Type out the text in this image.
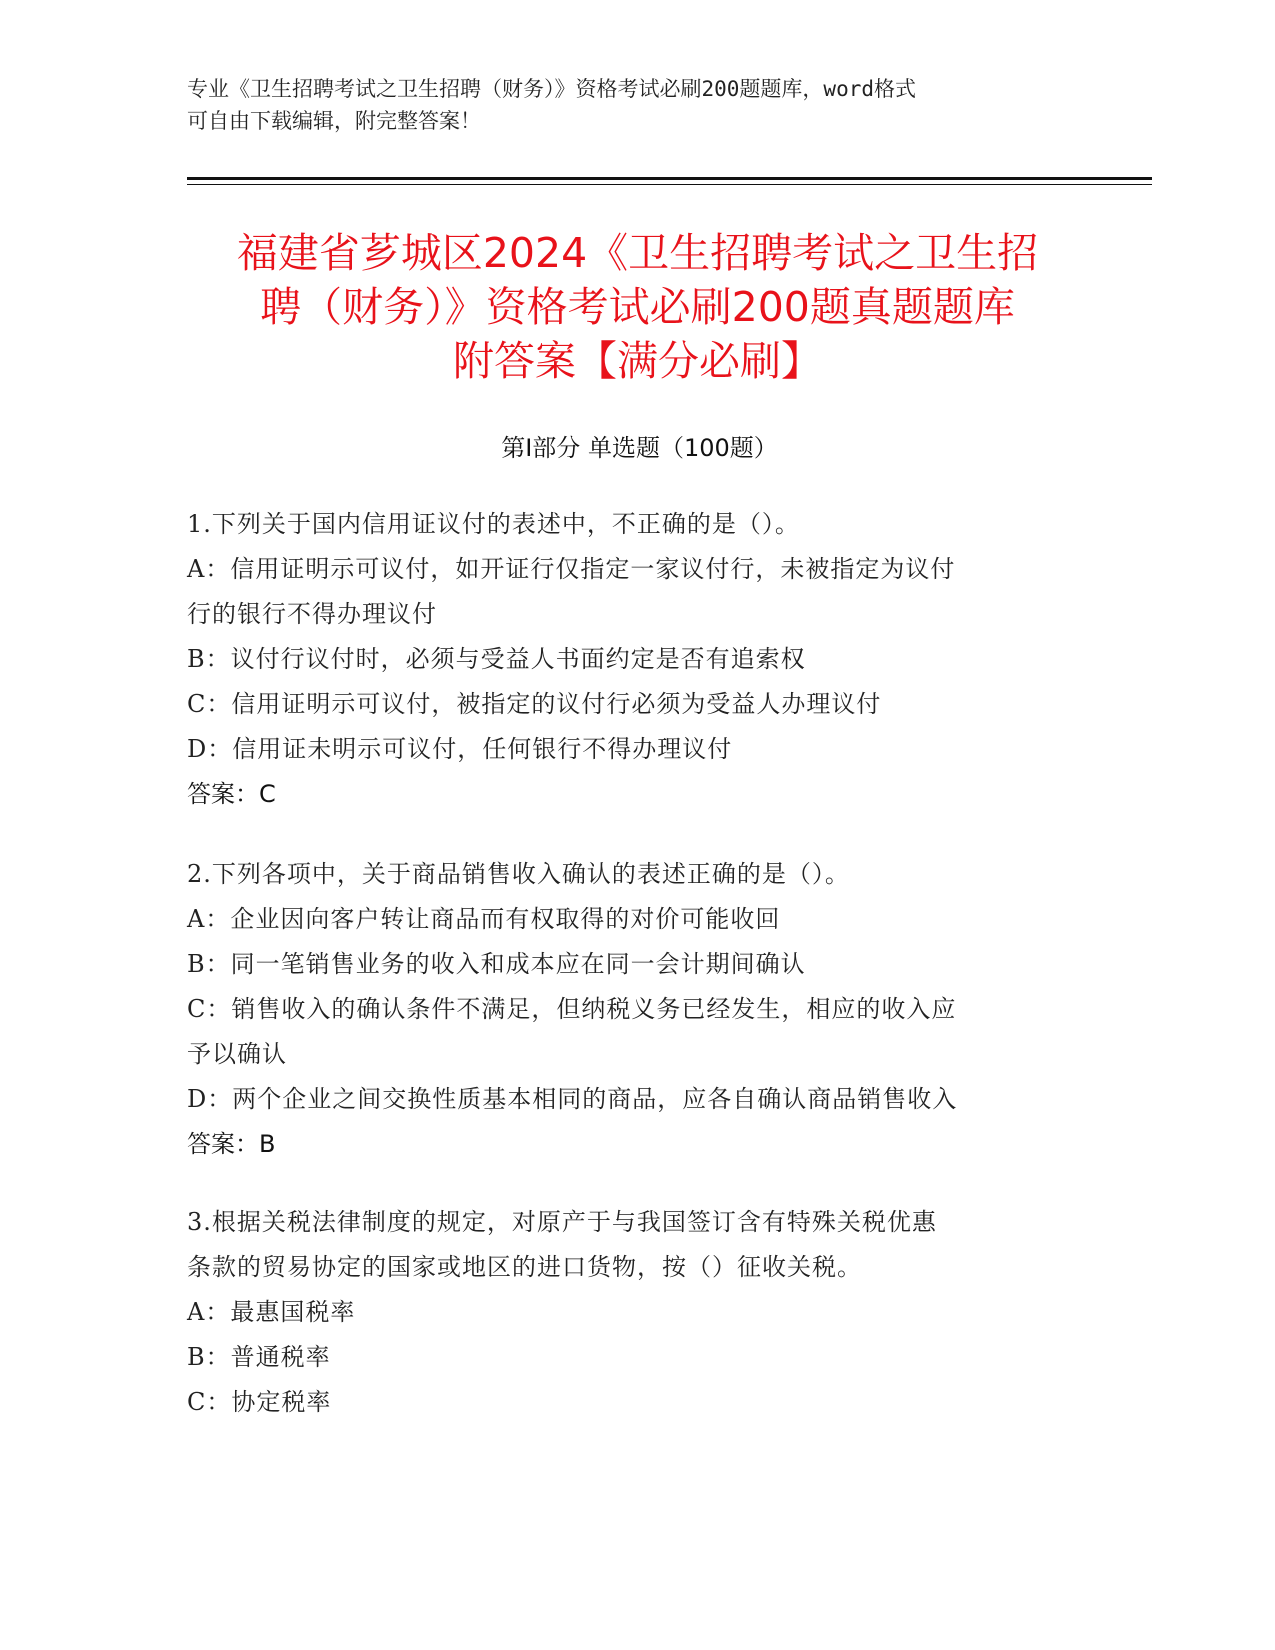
专业《卫生招聘考试之卫生招聘（财务）》资格考试必刷200题题库，word格式
可自由下载编辑，附完整答案！
福建省芗城区2024《卫生招聘考试之卫生招
聘（财务）》资格考试必刷200题真题题库
附答案【满分必刷】
第Ⅰ部分 单选题（100题）
1.下列关于国内信用证议付的表述中，不正确的是（）。
A：信用证明示可议付，如开证行仅指定一家议付行，未被指定为议付
行的银行不得办理议付
B：议付行议付时，必须与受益人书面约定是否有追索权
C：信用证明示可议付，被指定的议付行必须为受益人办理议付
D：信用证未明示可议付，任何银行不得办理议付
答案：C
2.下列各项中，关于商品销售收入确认的表述正确的是（）。
A：企业因向客户转让商品而有权取得的对价可能收回
B：同一笔销售业务的收入和成本应在同一会计期间确认
C：销售收入的确认条件不满足，但纳税义务已经发生，相应的收入应
予以确认
D：两个企业之间交换性质基本相同的商品，应各自确认商品销售收入
答案：B
3.根据关税法律制度的规定，对原产于与我国签订含有特殊关税优惠
条款的贸易协定的国家或地区的进口货物，按（）征收关税。
A：最惠国税率
B：普通税率
C：协定税率
